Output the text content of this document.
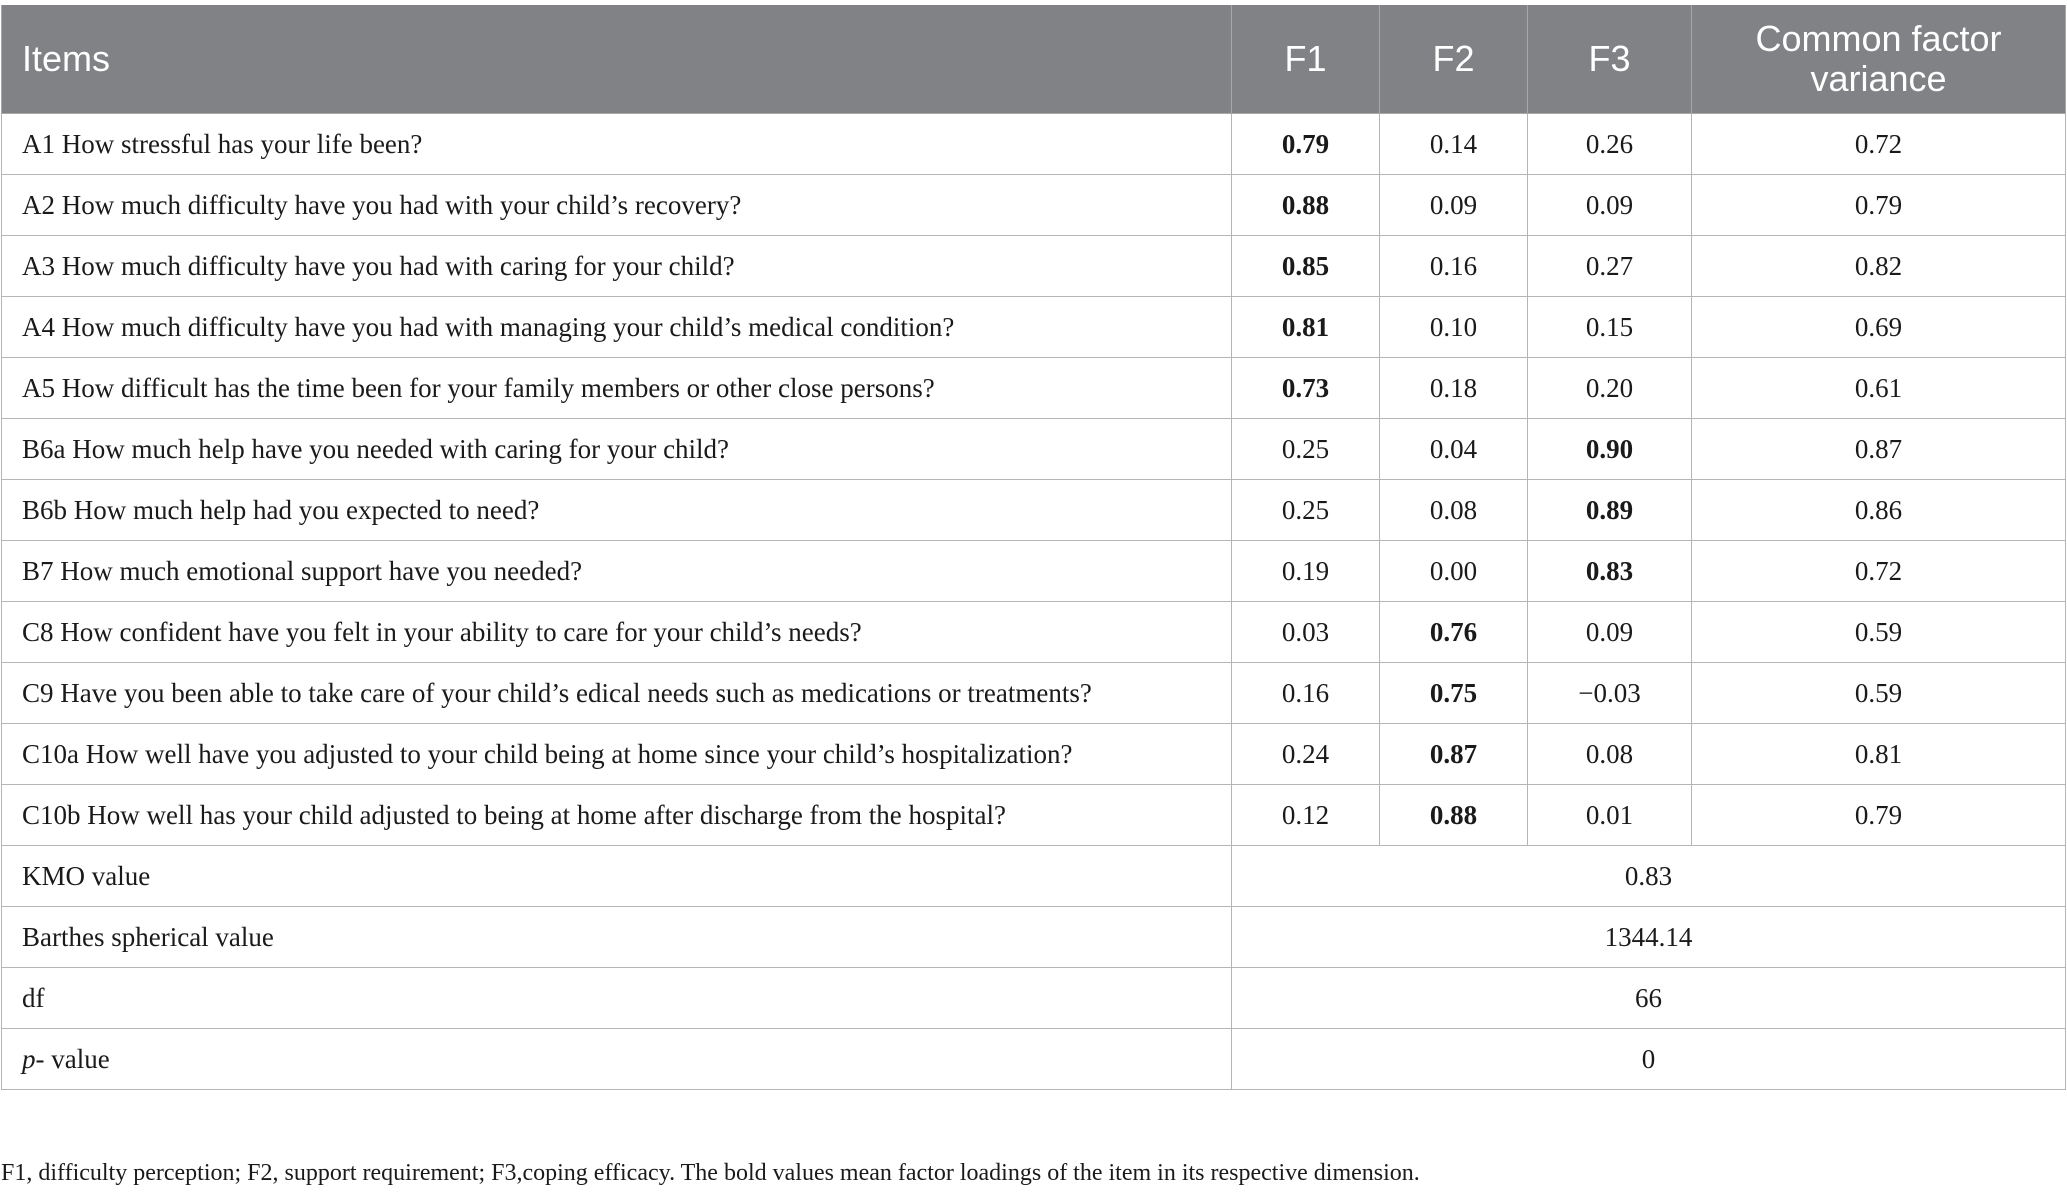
Items	F1	F2	F3	Common factor
variance
A1 How stressful has your life been?	0.79	0.14	0.26	0.72
A2 How much difficulty have you had with your child’s recovery?	0.88	0.09	0.09	0.79
A3 How much difficulty have you had with caring for your child?	0.85	0.16	0.27	0.82
A4 How much difficulty have you had with managing your child’s medical condition?	0.81	0.10	0.15	0.69
A5 How difficult has the time been for your family members or other close persons?	0.73	0.18	0.20	0.61
B6a How much help have you needed with caring for your child?	0.25	0.04	0.90	0.87
B6b How much help had you expected to need?	0.25	0.08	0.89	0.86
B7 How much emotional support have you needed?	0.19	0.00	0.83	0.72
C8 How confident have you felt in your ability to care for your child’s needs?	0.03	0.76	0.09	0.59
C9 Have you been able to take care of your child’s edical needs such as medications or treatments?	0.16	0.75	−0.03	0.59
C10a How well have you adjusted to your child being at home since your child’s hospitalization?	0.24	0.87	0.08	0.81
C10b How well has your child adjusted to being at home after discharge from the hospital?	0.12	0.88	0.01	0.79
KMO value	0.83			
Barthes spherical value	1344.14			
df	66			
p- value	0			
F1, difficulty perception; F2, support requirement; F3,coping efficacy. The bold values mean factor loadings of the item in its respective dimension.
